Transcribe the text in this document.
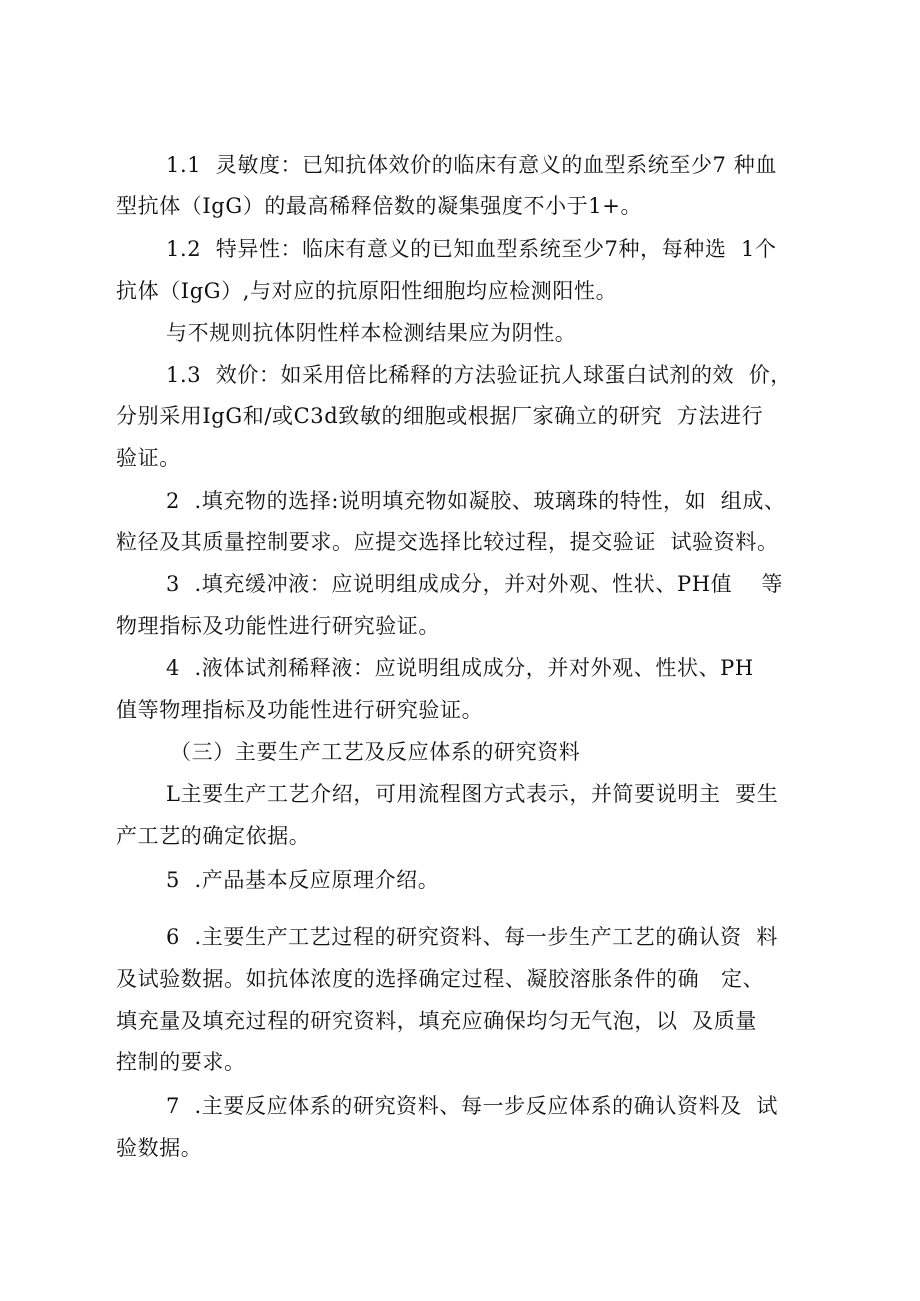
1.1  灵敏度：已知抗体效价的临床有意义的血型系统至少7 种血
型抗体（IgG）的最高稀释倍数的凝集强度不小于1+。
1.2  特异性：临床有意义的已知血型系统至少7种，每种选  1个
抗体（IgG）,与对应的抗原阳性细胞均应检测阳性。
与不规则抗体阴性样本检测结果应为阴性。
1.3  效价：如采用倍比稀释的方法验证抗人球蛋白试剂的效  价，
分别采用IgG和/或C3d致敏的细胞或根据厂家确立的研究  方法进行
验证。
2  .填充物的选择:说明填充物如凝胶、玻璃珠的特性，如  组成、
粒径及其质量控制要求。应提交选择比较过程，提交验证  试验资料。
3  .填充缓冲液：应说明组成成分，并对外观、性状、PH值    等
物理指标及功能性进行研究验证。
4  .液体试剂稀释液：应说明组成成分，并对外观、性状、PH
值等物理指标及功能性进行研究验证。
（三）主要生产工艺及反应体系的研究资料
L主要生产工艺介绍，可用流程图方式表示，并简要说明主  要生
产工艺的确定依据。
5  .产品基本反应原理介绍。
6  .主要生产工艺过程的研究资料、每一步生产工艺的确认资  料
及试验数据。如抗体浓度的选择确定过程、凝胶溶胀条件的确   定、
填充量及填充过程的研究资料，填充应确保均匀无气泡，以  及质量
控制的要求。
7  .主要反应体系的研究资料、每一步反应体系的确认资料及  试
验数据。
